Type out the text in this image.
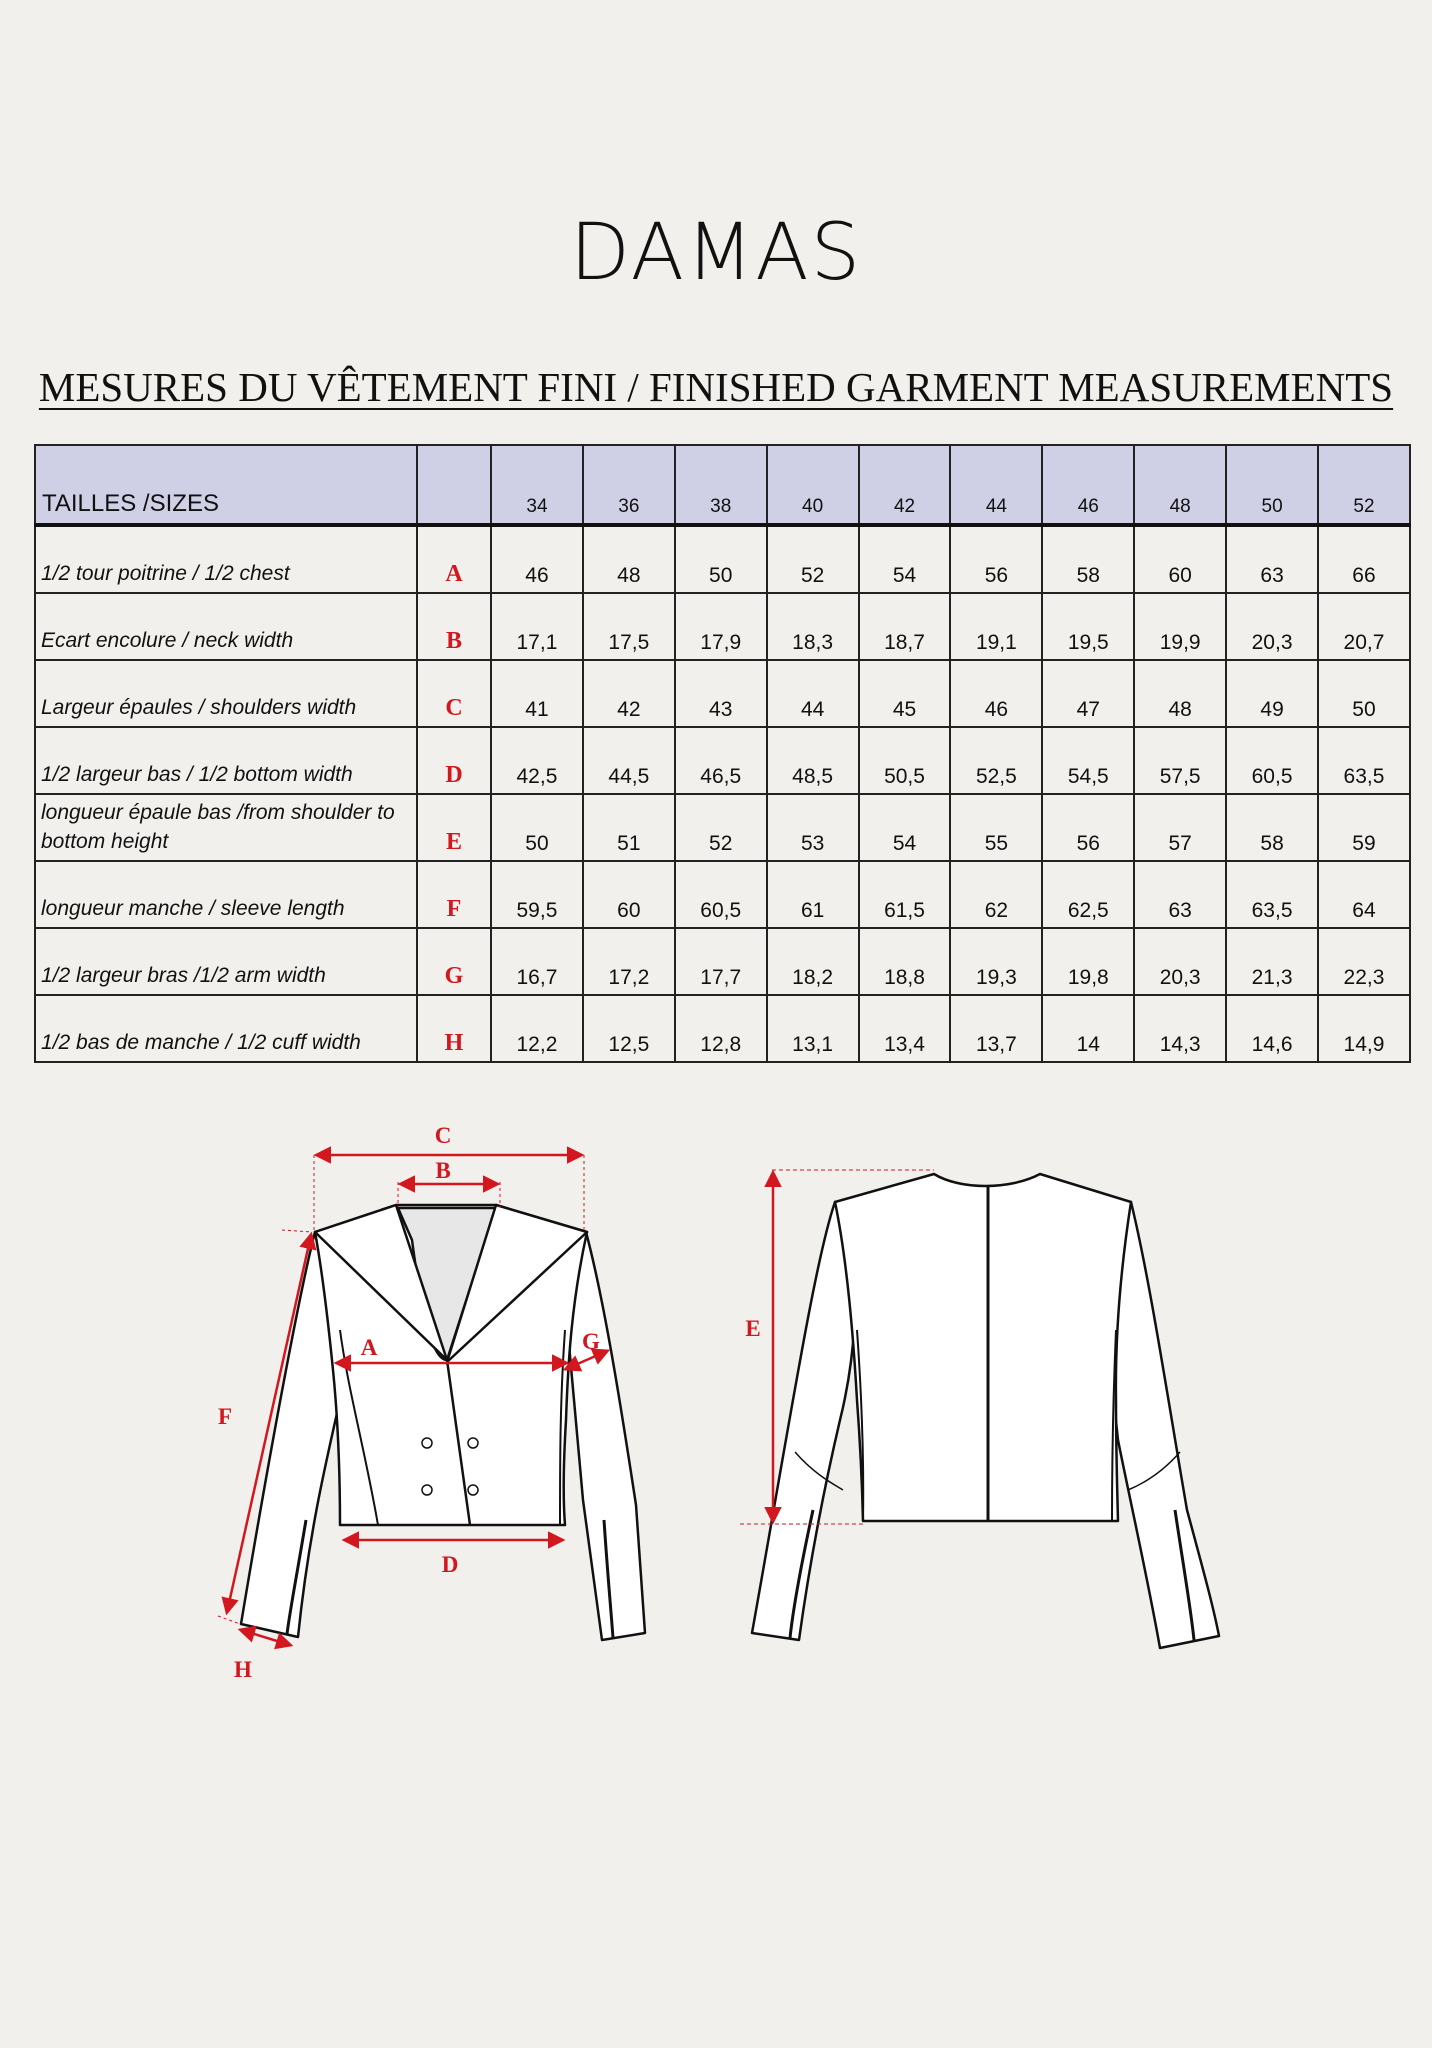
DAMAS
MESURES DU VÊTEMENT FINI / FINISHED GARMENT MEASUREMENTS
TAILLES /SIZES		34	36	38	40	42	44	46	48	50	52
1/2 tour poitrine / 1/2 chest	A	46	48	50	52	54	56	58	60	63	66
Ecart encolure / neck width	B	17,1	17,5	17,9	18,3	18,7	19,1	19,5	19,9	20,3	20,7
Largeur épaules / shoulders width	C	41	42	43	44	45	46	47	48	49	50
1/2 largeur bas / 1/2 bottom width	D	42,5	44,5	46,5	48,5	50,5	52,5	54,5	57,5	60,5	63,5
longueur épaule bas /from shoulder to bottom height	E	50	51	52	53	54	55	56	57	58	59
longueur manche / sleeve length	F	59,5	60	60,5	61	61,5	62	62,5	63	63,5	64
1/2 largeur bras /1/2 arm width	G	16,7	17,2	17,7	18,2	18,8	19,3	19,8	20,3	21,3	22,3
1/2 bas de manche / 1/2 cuff width	H	12,2	12,5	12,8	13,1	13,4	13,7	14	14,3	14,6	14,9
C
B
A	G
D
F
H
E
